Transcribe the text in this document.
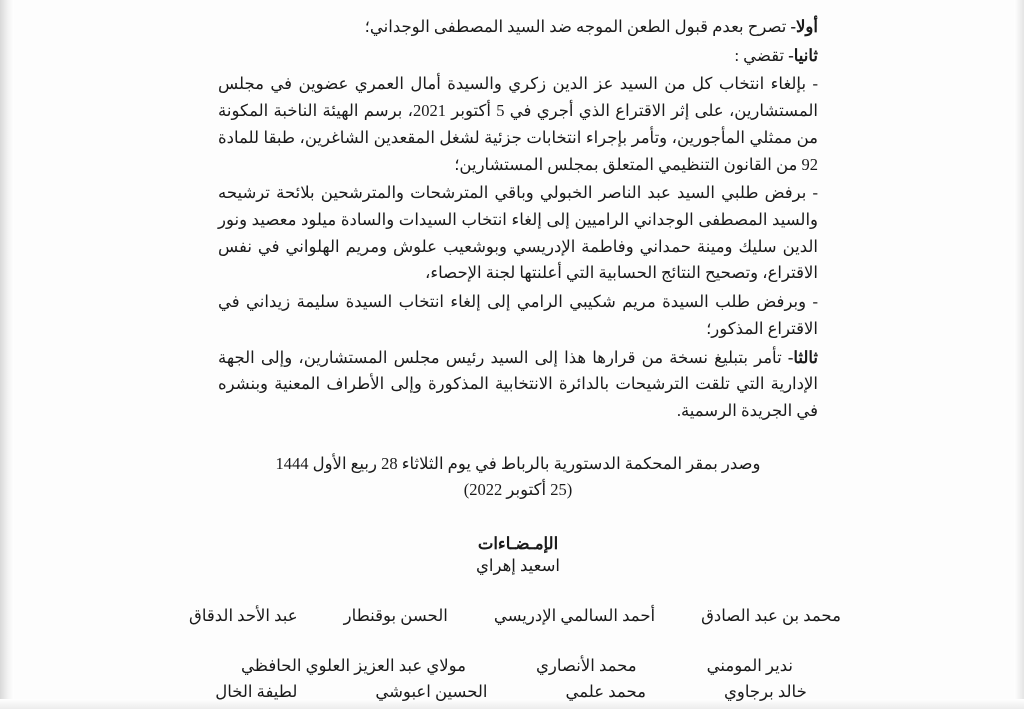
أولا- تصرح بعدم قبول الطعن الموجه ضد السيد المصطفى الوجداني؛

ثانيا- تقضي :

- بإلغاء انتخاب كل من السيد عز الدين زكري والسيدة أمال العمري عضوين في مجلس المستشارين، على إثر الاقتراع الذي أجري في 5 أكتوبر 2021، برسم الهيئة الناخبة المكونة من ممثلي المأجورين، وتأمر بإجراء انتخابات جزئية لشغل المقعدين الشاغرين، طبقا للمادة 92 من القانون التنظيمي المتعلق بمجلس المستشارين؛

- برفض طلبي السيد عبد الناصر الخبولي وباقي المترشحات والمترشحين بلائحة ترشيحه والسيد المصطفى الوجداني الراميين إلى إلغاء انتخاب السيدات والسادة ميلود معصيد ونور الدين سليك ومينة حمداني وفاطمة الإدريسي وبوشعيب علوش ومريم الهلواني في نفس الاقتراع، وتصحيح النتائج الحسابية التي أعلنتها لجنة الإحصاء،

- وبرفض طلب السيدة مريم شكيبي الرامي إلى إلغاء انتخاب السيدة سليمة زيداني في الاقتراع المذكور؛

ثالثا- تأمر بتبليغ نسخة من قرارها هذا إلى السيد رئيس مجلس المستشارين، وإلى الجهة الإدارية التي تلقت الترشيحات بالدائرة الانتخابية المذكورة وإلى الأطراف المعنية وبنشره في الجريدة الرسمية.

وصدر بمقر المحكمة الدستورية بالرباط في يوم الثلاثاء 28 ربيع الأول 1444
(25 أكتوبر 2022)
الإمـضـاءات
اسعيد إهراي
محمد بن عبد الصادق
أحمد السالمي الإدريسي
الحسن بوقنطار
عبد الأحد الدقاق
ندير المومني
محمد الأنصاري
مولاي عبد العزيز العلوي الحافظي
خالد برجاوي
محمد علمي
الحسين اعبوشي
لطيفة الخال
